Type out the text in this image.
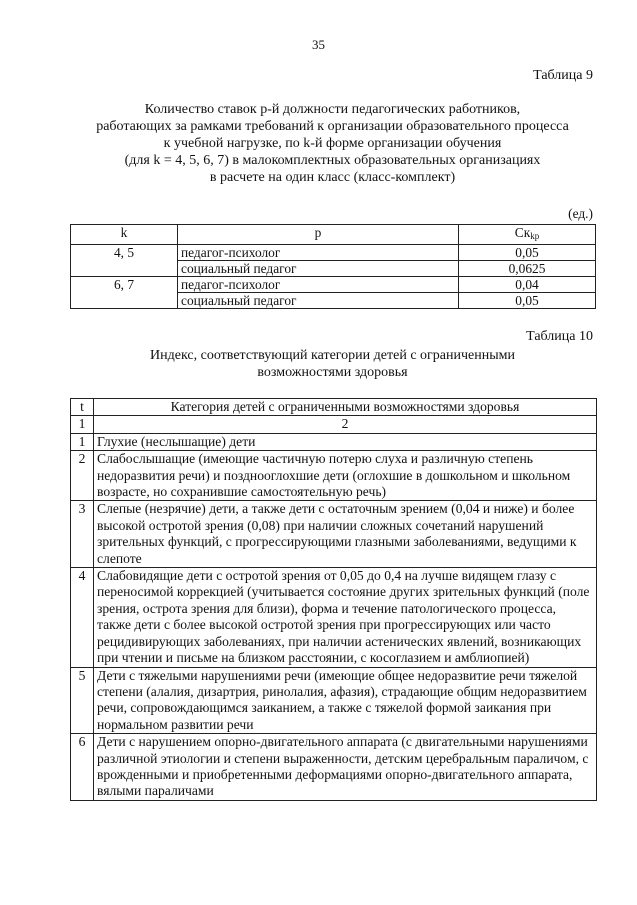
35
Таблица 9
Количество ставок р-й должности педагогических работников,
работающих за рамками требований к организации образовательного процесса
к учебной нагрузке, по k-й форме организации обучения
(для k = 4, 5, 6, 7) в малокомплектных образовательных организациях
в расчете на один класс (класс-комплект)
(ед.)
k	p	$Ск_{kp}$
4, 5	педагог-психолог	0,05
	социальный педагог	0,0625
6, 7	педагог-психолог	0,04
	социальный педагог	0,05
Таблица 10
Индекс, соответствующий категории детей с ограниченными
возможностями здоровья
t	Категория детей с ограниченными возможностями здоровья
1	2
1	Глухие (неслышащие) дети
2	Слабослышащие (имеющие частичную потерю слуха и различную степень недоразвития речи) и позднооглохшие дети (оглохшие в дошкольном и школьном возрасте, но сохранившие самостоятельную речь)
3	Слепые (незрячие) дети, а также дети с остаточным зрением (0,04 и ниже) и более высокой остротой зрения (0,08) при наличии сложных сочетаний нарушений зрительных функций, с прогрессирующими глазными заболеваниями, ведущими к слепоте
4	Слабовидящие дети с остротой зрения от 0,05 до 0,4 на лучше видящем глазу с переносимой коррекцией (учитывается состояние других зрительных функций (поле зрения, острота зрения для близи), форма и течение патологического процесса, также дети с более высокой остротой зрения при прогрессирующих или часто рецидивирующих заболеваниях, при наличии астенических явлений, возникающих при чтении и письме на близком расстоянии, с косоглазием и амблиопией)
5	Дети с тяжелыми нарушениями речи (имеющие общее недоразвитие речи тяжелой степени (алалия, дизартрия, ринолалия, афазия), страдающие общим недоразвитием речи, сопровождающимся заиканием, а также с тяжелой формой заикания при нормальном развитии речи
6	Дети с нарушением опорно-двигательного аппарата (с двигательными нарушениями различной этиологии и степени выраженности, детским церебральным параличом, с врожденными и приобретенными деформациями опорно-двигательного аппарата, вялыми параличами
